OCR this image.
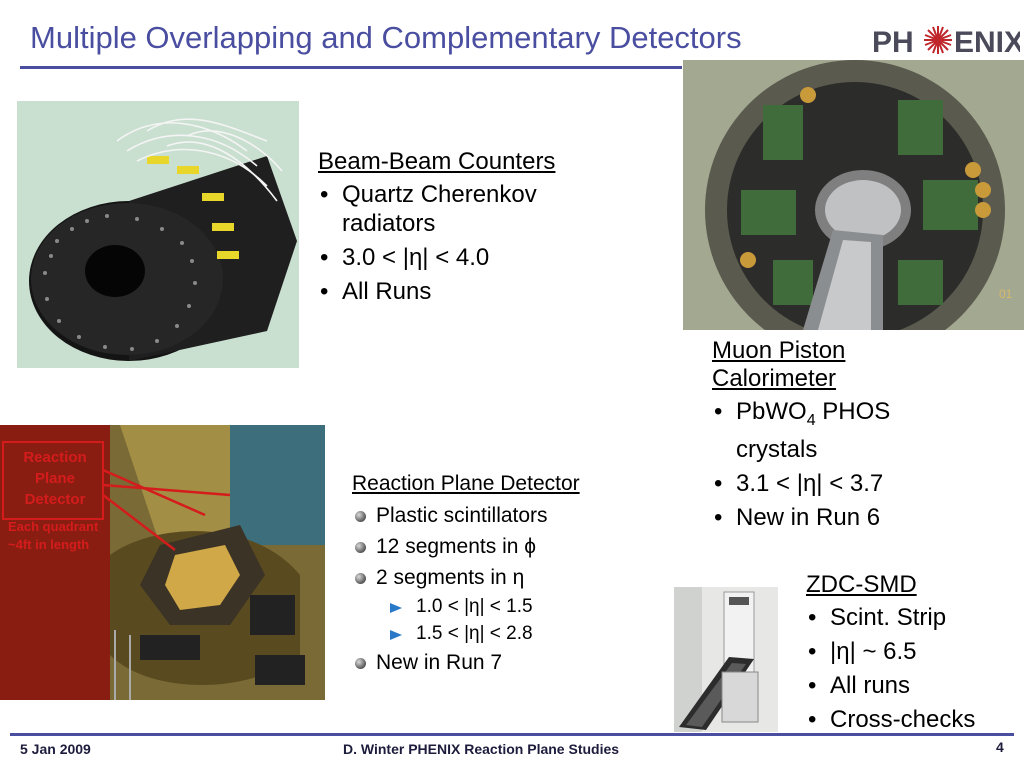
Multiple Overlapping and Complementary Detectors	PH ENIX
Beam-Beam Counters
• Quartz Cherenkov radiators
• 3.0 < |η| < 4.0
• All Runs	01
Muon Piston Calorimeter
• PbWO$_4$ PHOS crystals
• 3.1 < |η| < 3.7
• New in Run 6
Reaction Plane Detector
Each quadrant ~4ft in length
Reaction Plane Detector
Plastic scintillators
12 segments in ϕ
2 segments in η
1.0 < |η| < 1.5
1.5 < |η| < 2.8
New in Run 7
ZDC-SMD
• Scint. Strip
• |η| ~ 6.5
• All runs
• Cross-checks
5 Jan 2009	D. Winter PHENIX Reaction Plane Studies	4
